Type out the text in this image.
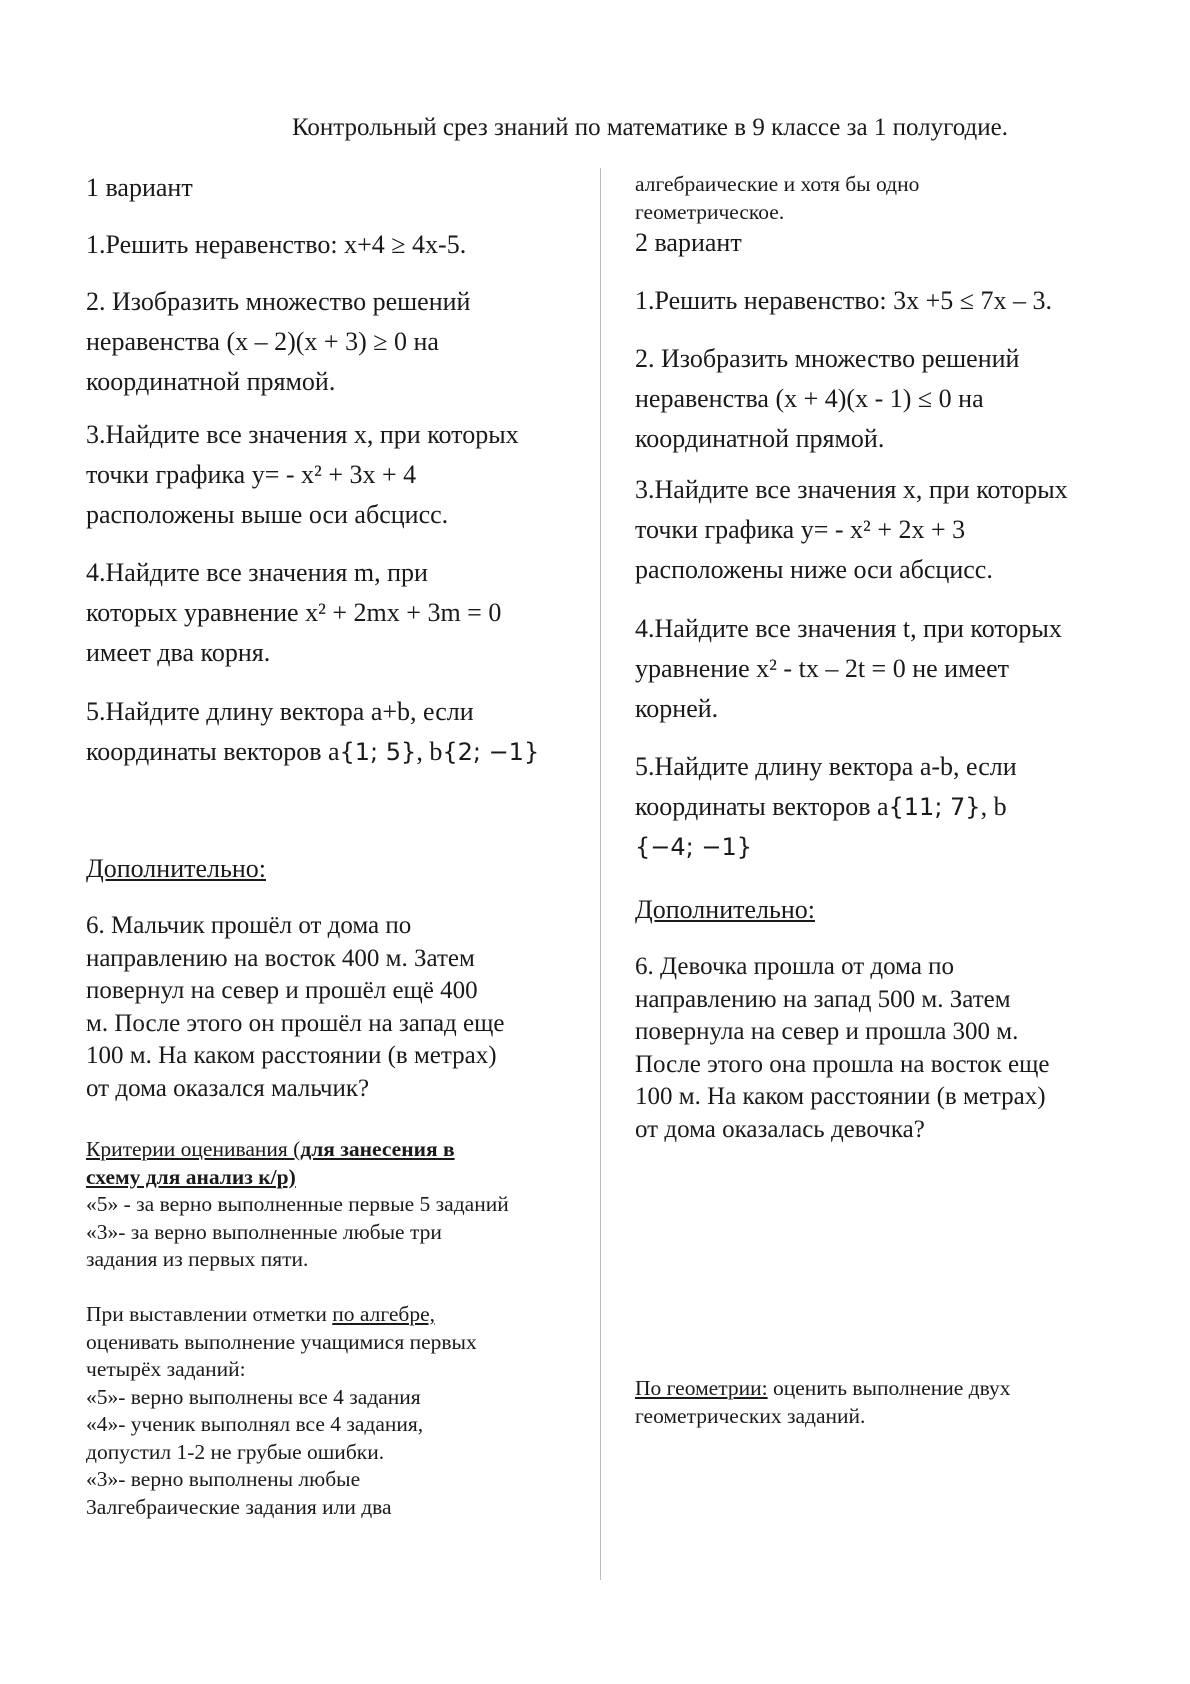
Контрольный срез знаний по математике в 9 классе за 1 полугодие.
1 вариант
1.Решить неравенство: x+4 ≥ 4x-5.
2. Изобразить множество решений
неравенства (x – 2)(x + 3) ≥ 0 на
координатной прямой.
3.Найдите все значения x, при которых
точки графика y= - x² + 3x + 4
расположены выше оси абсцисс.
4.Найдите все значения m, при
которых уравнение x² + 2mx + 3m = 0
имеет два корня.
5.Найдите длину вектора a+b, если
координаты векторов a{1; 5}, b{2; −1}
Дополнительно:
6. Мальчик прошёл от дома по
направлению на восток 400 м. Затем
повернул на север и прошёл ещё 400
м. После этого он прошёл на запад еще
100 м. На каком расстоянии (в метрах)
от дома оказался мальчик?
Критерии оценивания (для занесения в
схему для анализ к/р)
«5» - за верно выполненные первые 5 заданий
«3»- за верно выполненные любые три
задания из первых пяти.

При выставлении отметки по алгебре,
оценивать выполнение учащимися первых
четырёх заданий:
«5»- верно выполнены все 4 задания
«4»- ученик выполнял все 4 задания,
допустил 1-2 не грубые ошибки.
«3»- верно выполнены любые
3алгебраические задания или два
алгебраические и хотя бы одно
геометрическое.
2 вариант
1.Решить неравенство: 3x +5 ≤ 7x – 3.
2. Изобразить множество решений
неравенства (x + 4)(x - 1) ≤ 0 на
координатной прямой.
3.Найдите все значения x, при которых
точки графика y= - x² + 2x + 3
расположены ниже оси абсцисс.
4.Найдите все значения t, при которых
уравнение x² - tx – 2t = 0 не имеет
корней.
5.Найдите длину вектора a-b, если
координаты векторов a{11; 7}, b
{−4; −1}
Дополнительно:
6. Девочка прошла от дома по
направлению на запад 500 м. Затем
повернула на север и прошла 300 м.
После этого она прошла на восток еще
100 м. На каком расстоянии (в метрах)
от дома оказалась девочка?
По геометрии: оценить выполнение двух
геометрических заданий.
